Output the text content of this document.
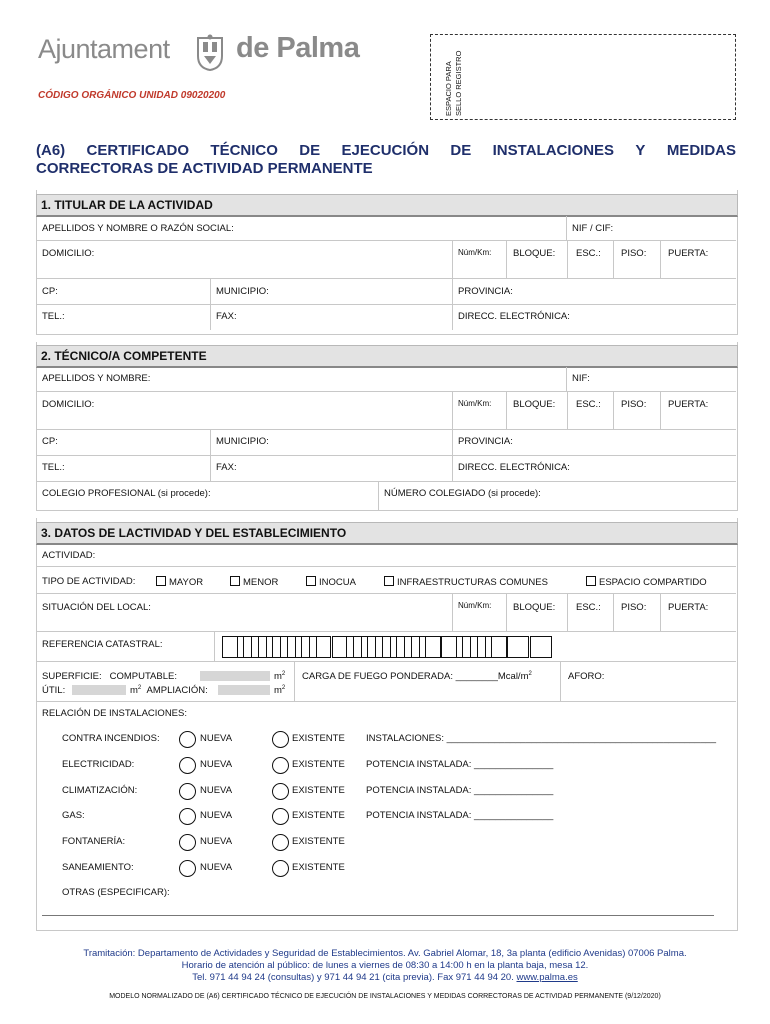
Ajuntament de Palma
CÓDIGO ORGÁNICO UNIDAD 09020200	ESPACIO PARA SELLO REGISTRO
(A6) CERTIFICADO TÉCNICO DE EJECUCIÓN DE INSTALACIONES Y MEDIDAS
CORRECTORAS DE ACTIVIDAD PERMANENTE
1. TITULAR DE LA ACTIVIDAD
APELLIDOS Y NOMBRE O RAZÓN SOCIAL:	NIF / CIF:
DOMICILIO:	Núm/Km: BLOQUE: ESC.: PISO: PUERTA:
CP:	MUNICIPIO:	PROVINCIA:
TEL.:	FAX:	DIRECC. ELECTRÓNICA:
2. TÉCNICO/A COMPETENTE
APELLIDOS Y NOMBRE:	NIF:
DOMICILIO:	Núm/Km: BLOQUE: ESC.: PISO: PUERTA:
CP:	MUNICIPIO:	PROVINCIA:
TEL.:	FAX:	DIRECC. ELECTRÓNICA:
COLEGIO PROFESIONAL (si procede):	NÚMERO COLEGIADO (si procede):
3. DATOS DE LACTIVIDAD Y DEL ESTABLECIMIENTO
ACTIVIDAD:
TIPO DE ACTIVIDAD:	MAYOR	MENOR	INOCUA	INFRAESTRUCTURAS COMUNES	ESPACIO COMPARTIDO
SITUACIÓN DEL LOCAL:	Núm/Km: BLOQUE: ESC.: PISO: PUERTA:
REFERENCIA CATASTRAL:
SUPERFICIE: COMPUTABLE:	$m^2$
ÚTIL:	$m^2$ AMPLIACIÓN:	$m^2$
CARGA DE FUEGO PONDERADA: $\_\_\_\_\_\_\_\_Mcal/m^2$	AFORO:
RELACIÓN DE INSTALACIONES:
CONTRA INCENDIOS:	NUEVA	EXISTENTE INSTALACIONES: ___________________________________________________
ELECTRICIDAD:	NUEVA	EXISTENTE POTENCIA INSTALADA: _______________
CLIMATIZACIÓN:	NUEVA	EXISTENTE POTENCIA INSTALADA: _______________
GAS:	NUEVA	EXISTENTE POTENCIA INSTALADA: _______________
FONTANERÍA:	NUEVA	EXISTENTE
SANEAMIENTO:	NUEVA	EXISTENTE
OTRAS (ESPECIFICAR):
Tramitación: Departamento de Actividades y Seguridad de Establecimientos. Av. Gabriel Alomar, 18, 3a planta (edificio Avenidas) 07006 Palma.
Horario de atención al público: de lunes a viernes de 08:30 a 14:00 h en la planta baja, mesa 12.
Tel. 971 44 94 24 (consultas) y 971 44 94 21 (cita previa). Fax 971 44 94 20. www.palma.es
MODELO NORMALIZADO DE (A6) CERTIFICADO TÉCNICO DE EJECUCIÓN DE INSTALACIONES Y MEDIDAS CORRECTORAS DE ACTIVIDAD PERMANENTE (9/12/2020)
